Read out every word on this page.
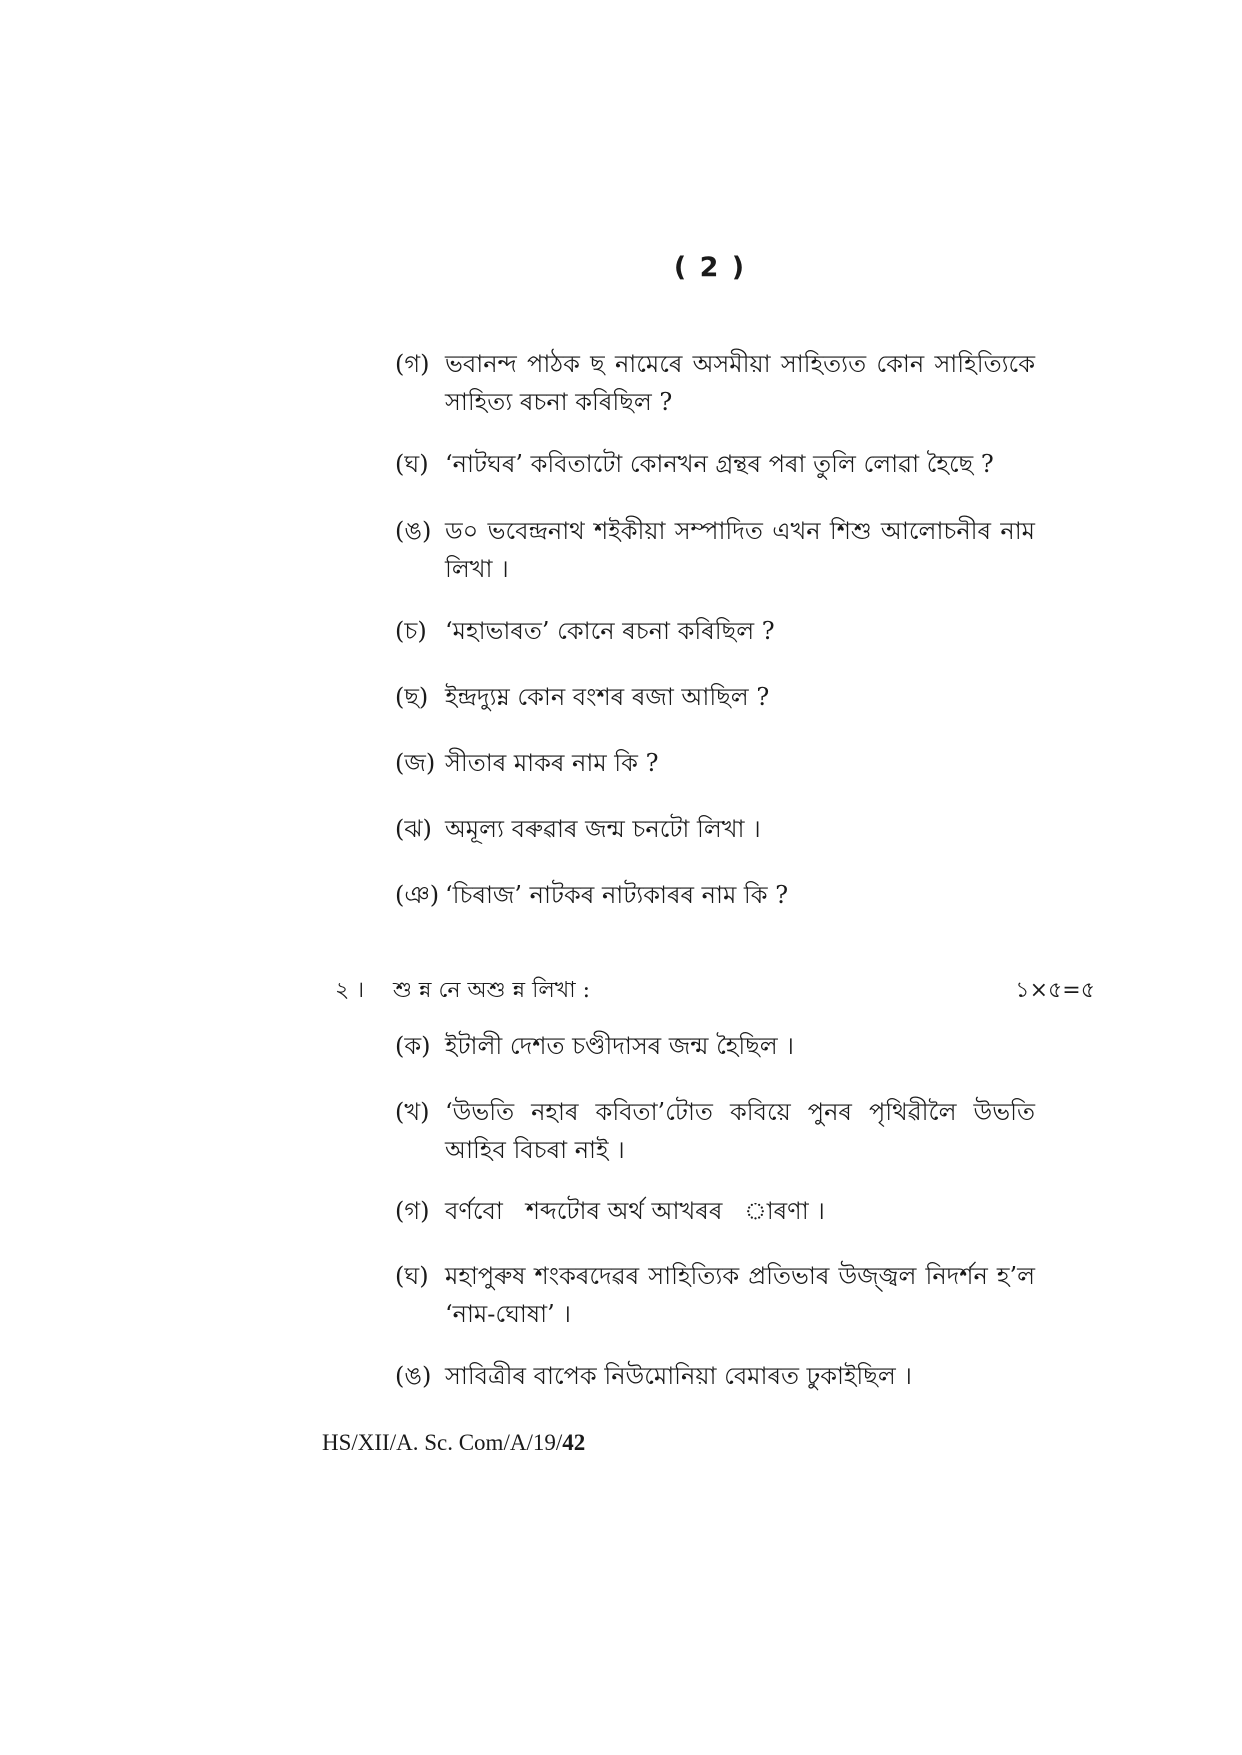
( 2 )
(গ) ভবানন্দ পাঠক ছ নামেৰে অসমীয়া সাহিত্যত কোন সাহিত্যিকে সাহিত্য ৰচনা কৰিছিল ?
(ঘ) ‘নাটঘৰ’ কবিতাটো কোনখন গ্ৰন্থৰ পৰা তুলি লোৱা হৈছে ?
(ঙ) ড০ ভবেন্দ্ৰনাথ শইকীয়া সম্পাদিত এখন শিশু আলোচনীৰ নাম লিখা ।
(চ) ‘মহাভাৰত’ কোনে ৰচনা কৰিছিল ?
(ছ) ইন্দ্ৰদ্যুম্ন কোন বংশৰ ৰজা আছিল ?
(জ) সীতাৰ মাকৰ নাম কি ?
(ঝ) অমূল্য বৰুৱাৰ জন্ম চনটো লিখা ।
(ঞ) ‘চিৰাজ’ নাটকৰ নাট্যকাৰৰ নাম কি ?
২ । শু ন্ন নে অশু ন্ন লিখা :	১×৫=৫
(ক) ইটালী দেশত চণ্ডীদাসৰ জন্ম হৈছিল ।
(খ) ‘উভতি নহাৰ কবিতা’টোত কবিয়ে পুনৰ পৃথিৱীলৈ উভতি আহিব বিচৰা নাই ।
(গ) বৰ্ণবো   শব্দটোৰ অৰ্থ আখৰৰ   াৰণা ।
(ঘ) মহাপুৰুষ শংকৰদেৱৰ সাহিত্যিক প্ৰতিভাৰ উজ্জ্বল নিদৰ্শন হ’ল ‘নাম-ঘোষা’ ।
(ঙ) সাবিত্ৰীৰ বাপেক নিউমোনিয়া বেমাৰত ঢুকাইছিল ।
HS/XII/A. Sc. Com/A/19/42
